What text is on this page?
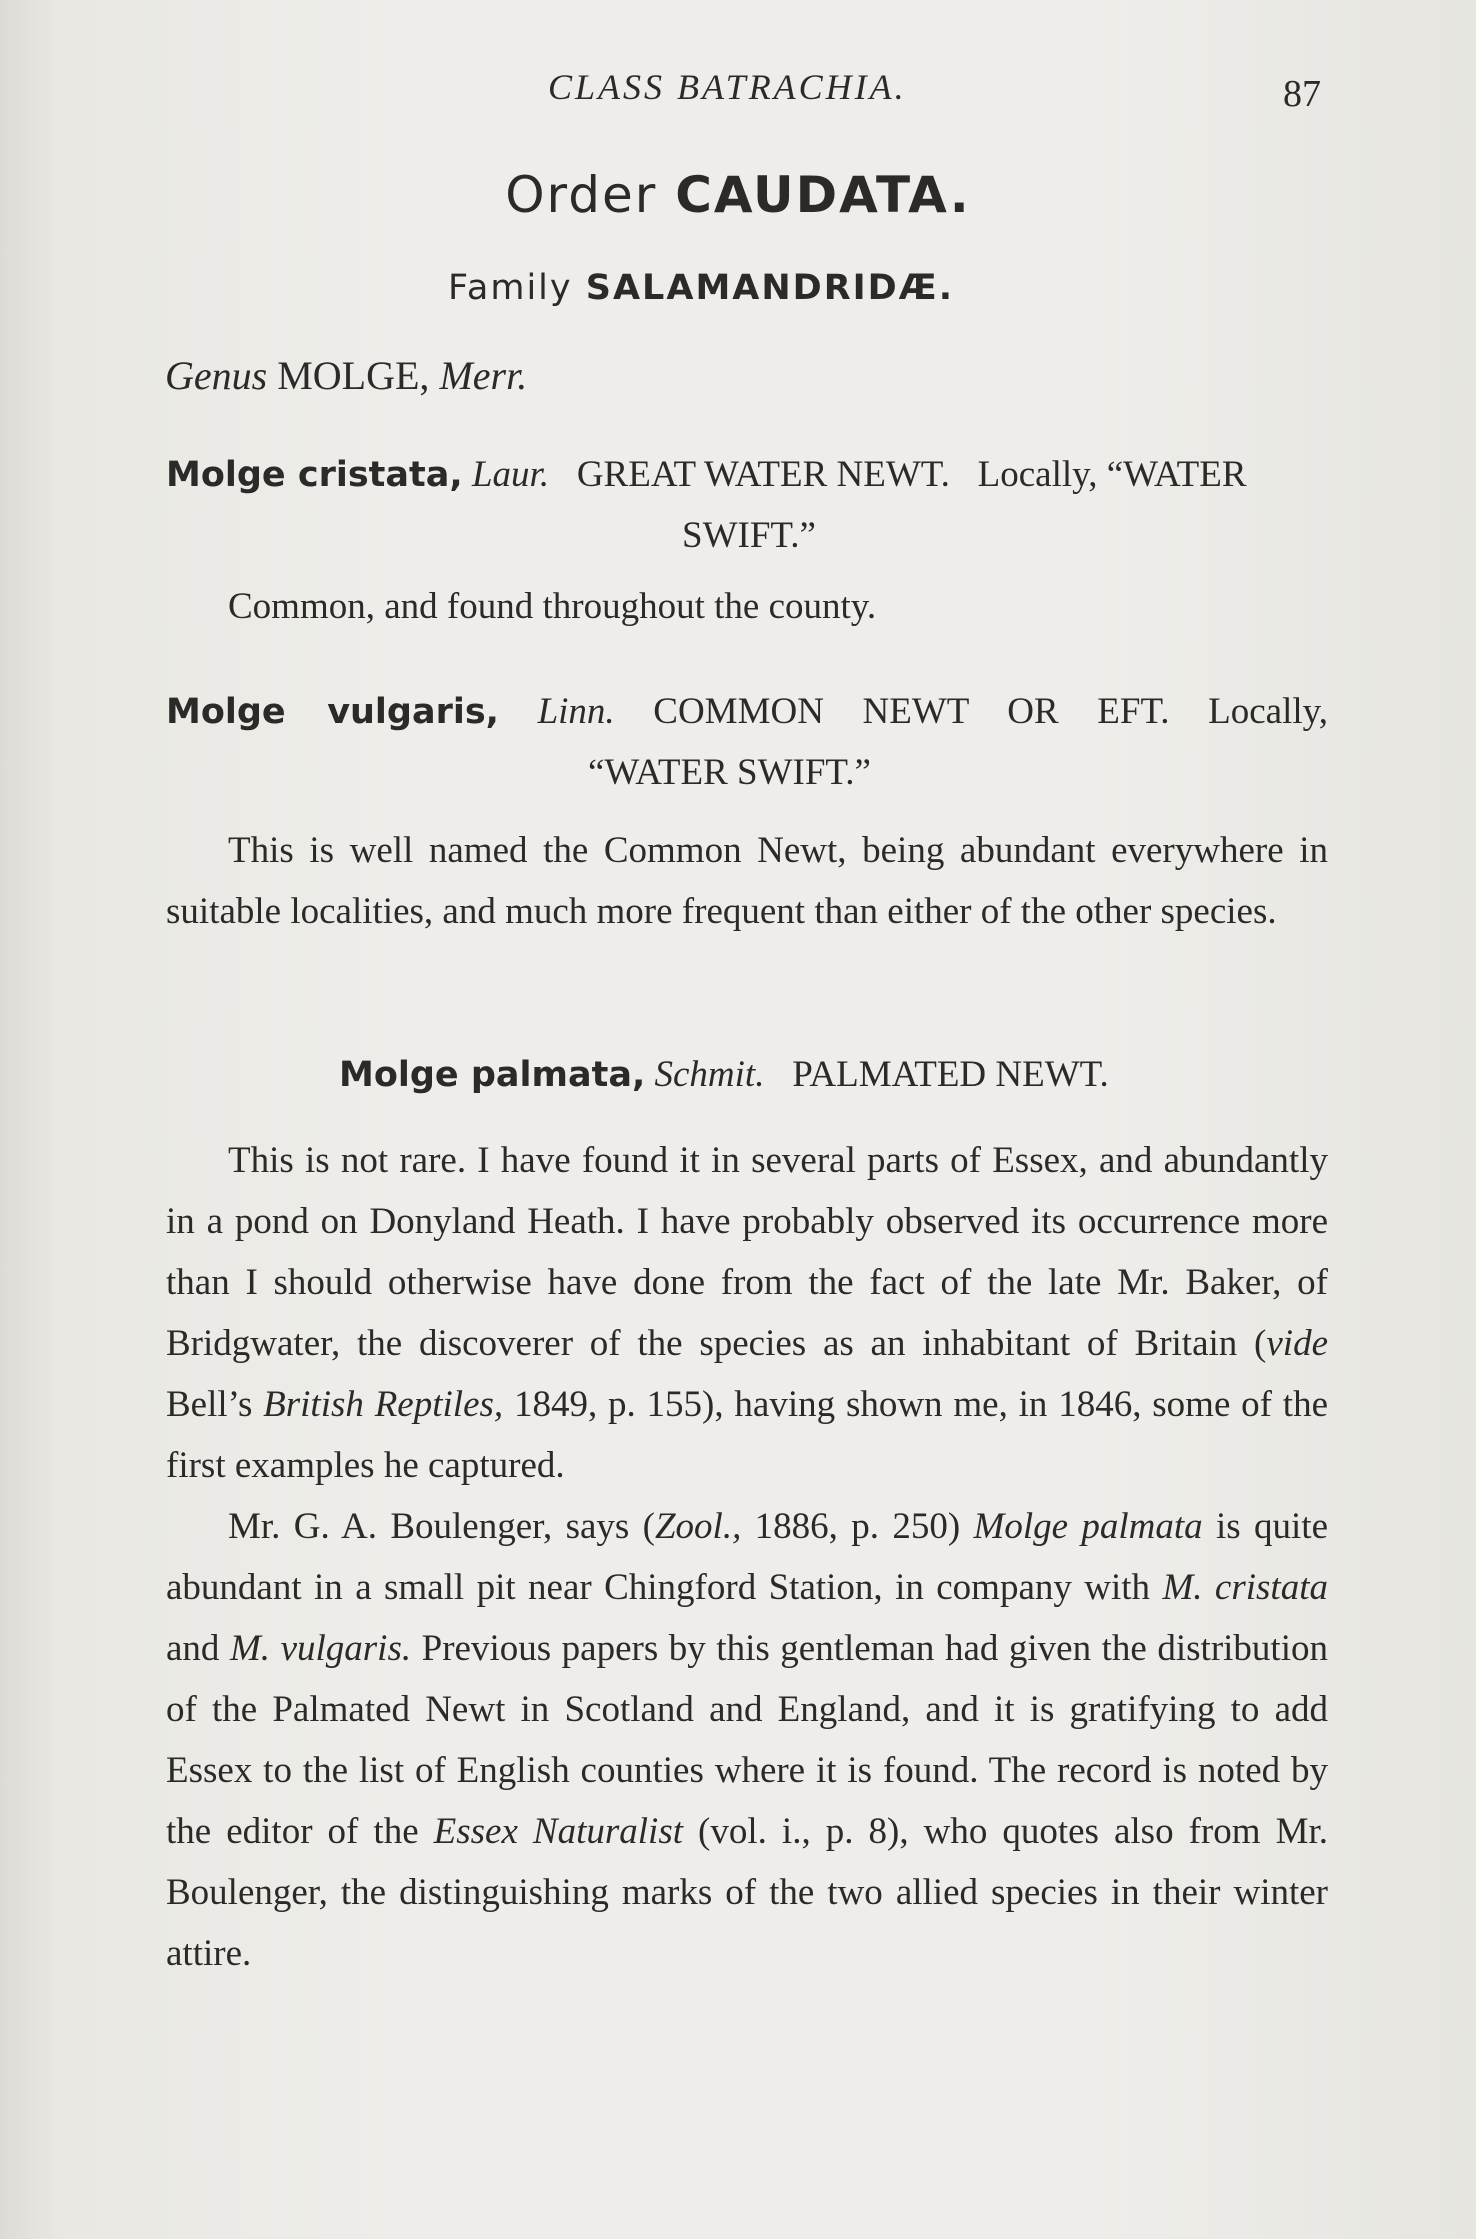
CLASS BATRACHIA.	87
Order CAUDATA.
Family SALAMANDRIDÆ.
Genus MOLGE, Merr.
Molge cristata, Laur. GREAT WATER NEWT. Locally, “WATER
SWIFT.”

Common, and found throughout the county.

Molge vulgaris, Linn. COMMON NEWT OR EFT. Locally,
“WATER SWIFT.”

This is well named the Common Newt, being abundant everywhere in suitable localities, and much more frequent than either of the other species.

Molge palmata, Schmit. PALMATED NEWT.

This is not rare. I have found it in several parts of Essex, and abundantly in a pond on Donyland Heath. I have probably observed its occurrence more than I should otherwise have done from the fact of the late Mr. Baker, of Bridgwater, the discoverer of the species as an inhabitant of Britain (vide Bell’s British Reptiles, 1849, p. 155), having shown me, in 1846, some of the first examples he captured.

Mr. G. A. Boulenger, says (Zool., 1886, p. 250) Molge palmata is quite abundant in a small pit near Chingford Station, in company with M. cristata and M. vulgaris. Previous papers by this gentleman had given the distribution of the Palmated Newt in Scotland and England, and it is gratifying to add Essex to the list of English counties where it is found. The record is noted by the editor of the Essex Naturalist (vol. i., p. 8), who quotes also from Mr. Boulenger, the distinguishing marks of the two allied species in their winter attire.
